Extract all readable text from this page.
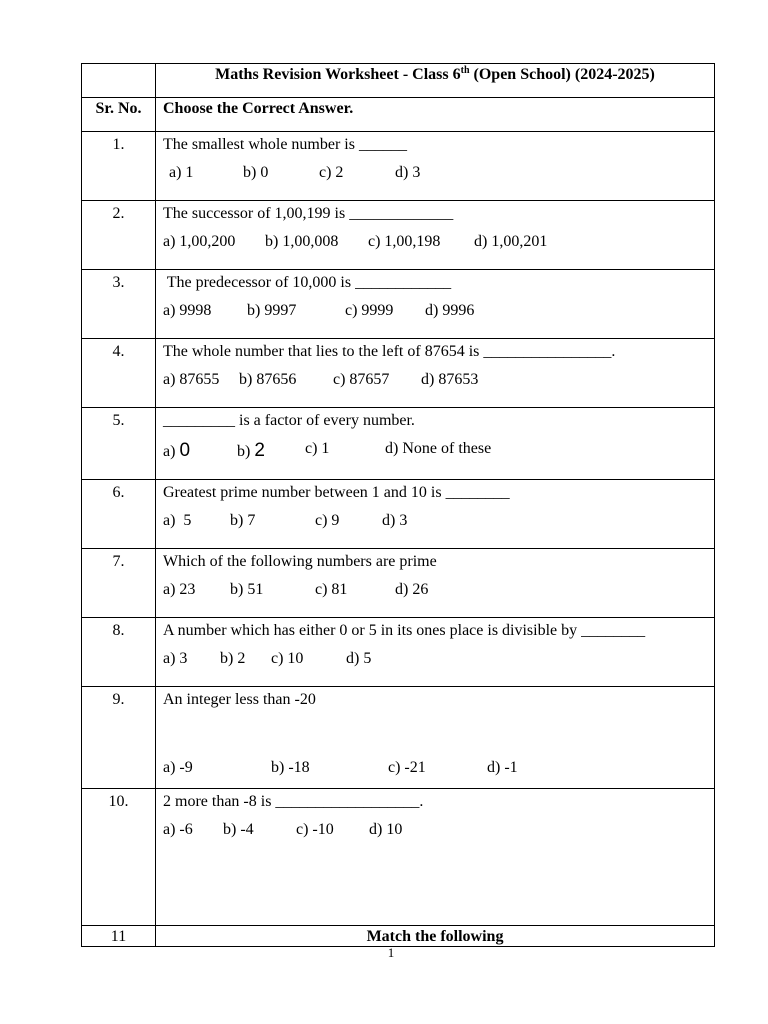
	Maths Revision Worksheet - Class 6th (Open School) (2024-2025)

Sr. No.	Choose the Correct Answer.

1.	The smallest whole number is ______
a) 1 b) 0 c) 2 d) 3

2.	The successor of 1,00,199 is _____________
a) 1,00,200 b) 1,00,008 c) 1,00,198 d) 1,00,201

3.	The predecessor of 10,000 is ____________
a) 9998 b) 9997 c) 9999 d) 9996

4.	The whole number that lies to the left of 87654 is ________________.
a) 87655 b) 87656 c) 87657 d) 87653

5.	_________ is a factor of every number.
a) 0 b) 2 c) 1 d) None of these

6.	Greatest prime number between 1 and 10 is ________
a)  5 b) 7 c) 9 d) 3

7.	Which of the following numbers are prime
a) 23 b) 51 c) 81 d) 26

8.	A number which has either 0 or 5 in its ones place is divisible by ________
a) 3 b) 2 c) 10 d) 5

9.	An integer less than -20
a) -9 b) -18 c) -21 d) -1

10.	2 more than -8 is __________________.
a) -6 b) -4 c) -10 d) 10

11	Match the following
1
